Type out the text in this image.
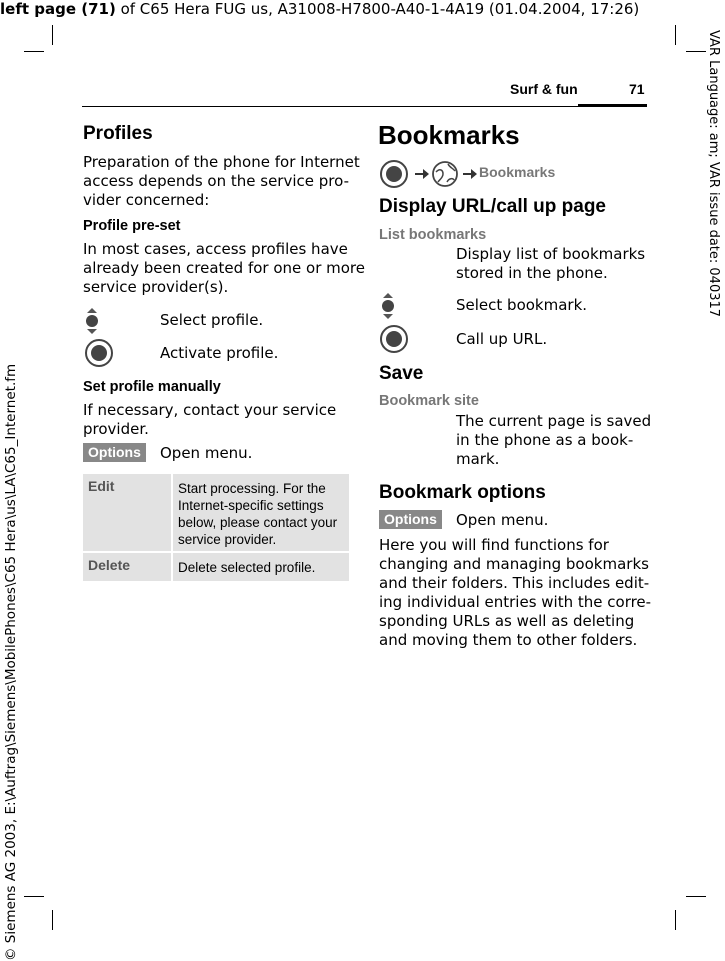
left page (71) of C65 Hera FUG us, A31008-H7800-A40-1-4A19 (01.04.2004, 17:26)
VAR Language: am; VAR issue date: 040317
© Siemens AG 2003, E:\Auftrag\Siemens\MobilePhones\C65 Hera\us\LA\C65_Internet.fm
Surf & fun	71
Profiles
Preparation of the phone for Internet
access depends on the service pro-
vider concerned:
Profile pre-set
In most cases, access profiles have
already been created for one or more
service provider(s).
Select profile.
Activate profile.
Set profile manually
If necessary, contact your service
provider.
Options	Open menu.
Edit	Start processing. For the
Internet-specific settings
below, please contact your
service provider.
Delete	Delete selected profile.
Bookmarks
Bookmarks
Display URL/call up page
List bookmarks
Display list of bookmarks
stored in the phone.
Select bookmark.
Call up URL.
Save
Bookmark site
The current page is saved
in the phone as a book-
mark.
Bookmark options
Options	Open menu.
Here you will find functions for
changing and managing bookmarks
and their folders. This includes edit-
ing individual entries with the corre-
sponding URLs as well as deleting
and moving them to other folders.
